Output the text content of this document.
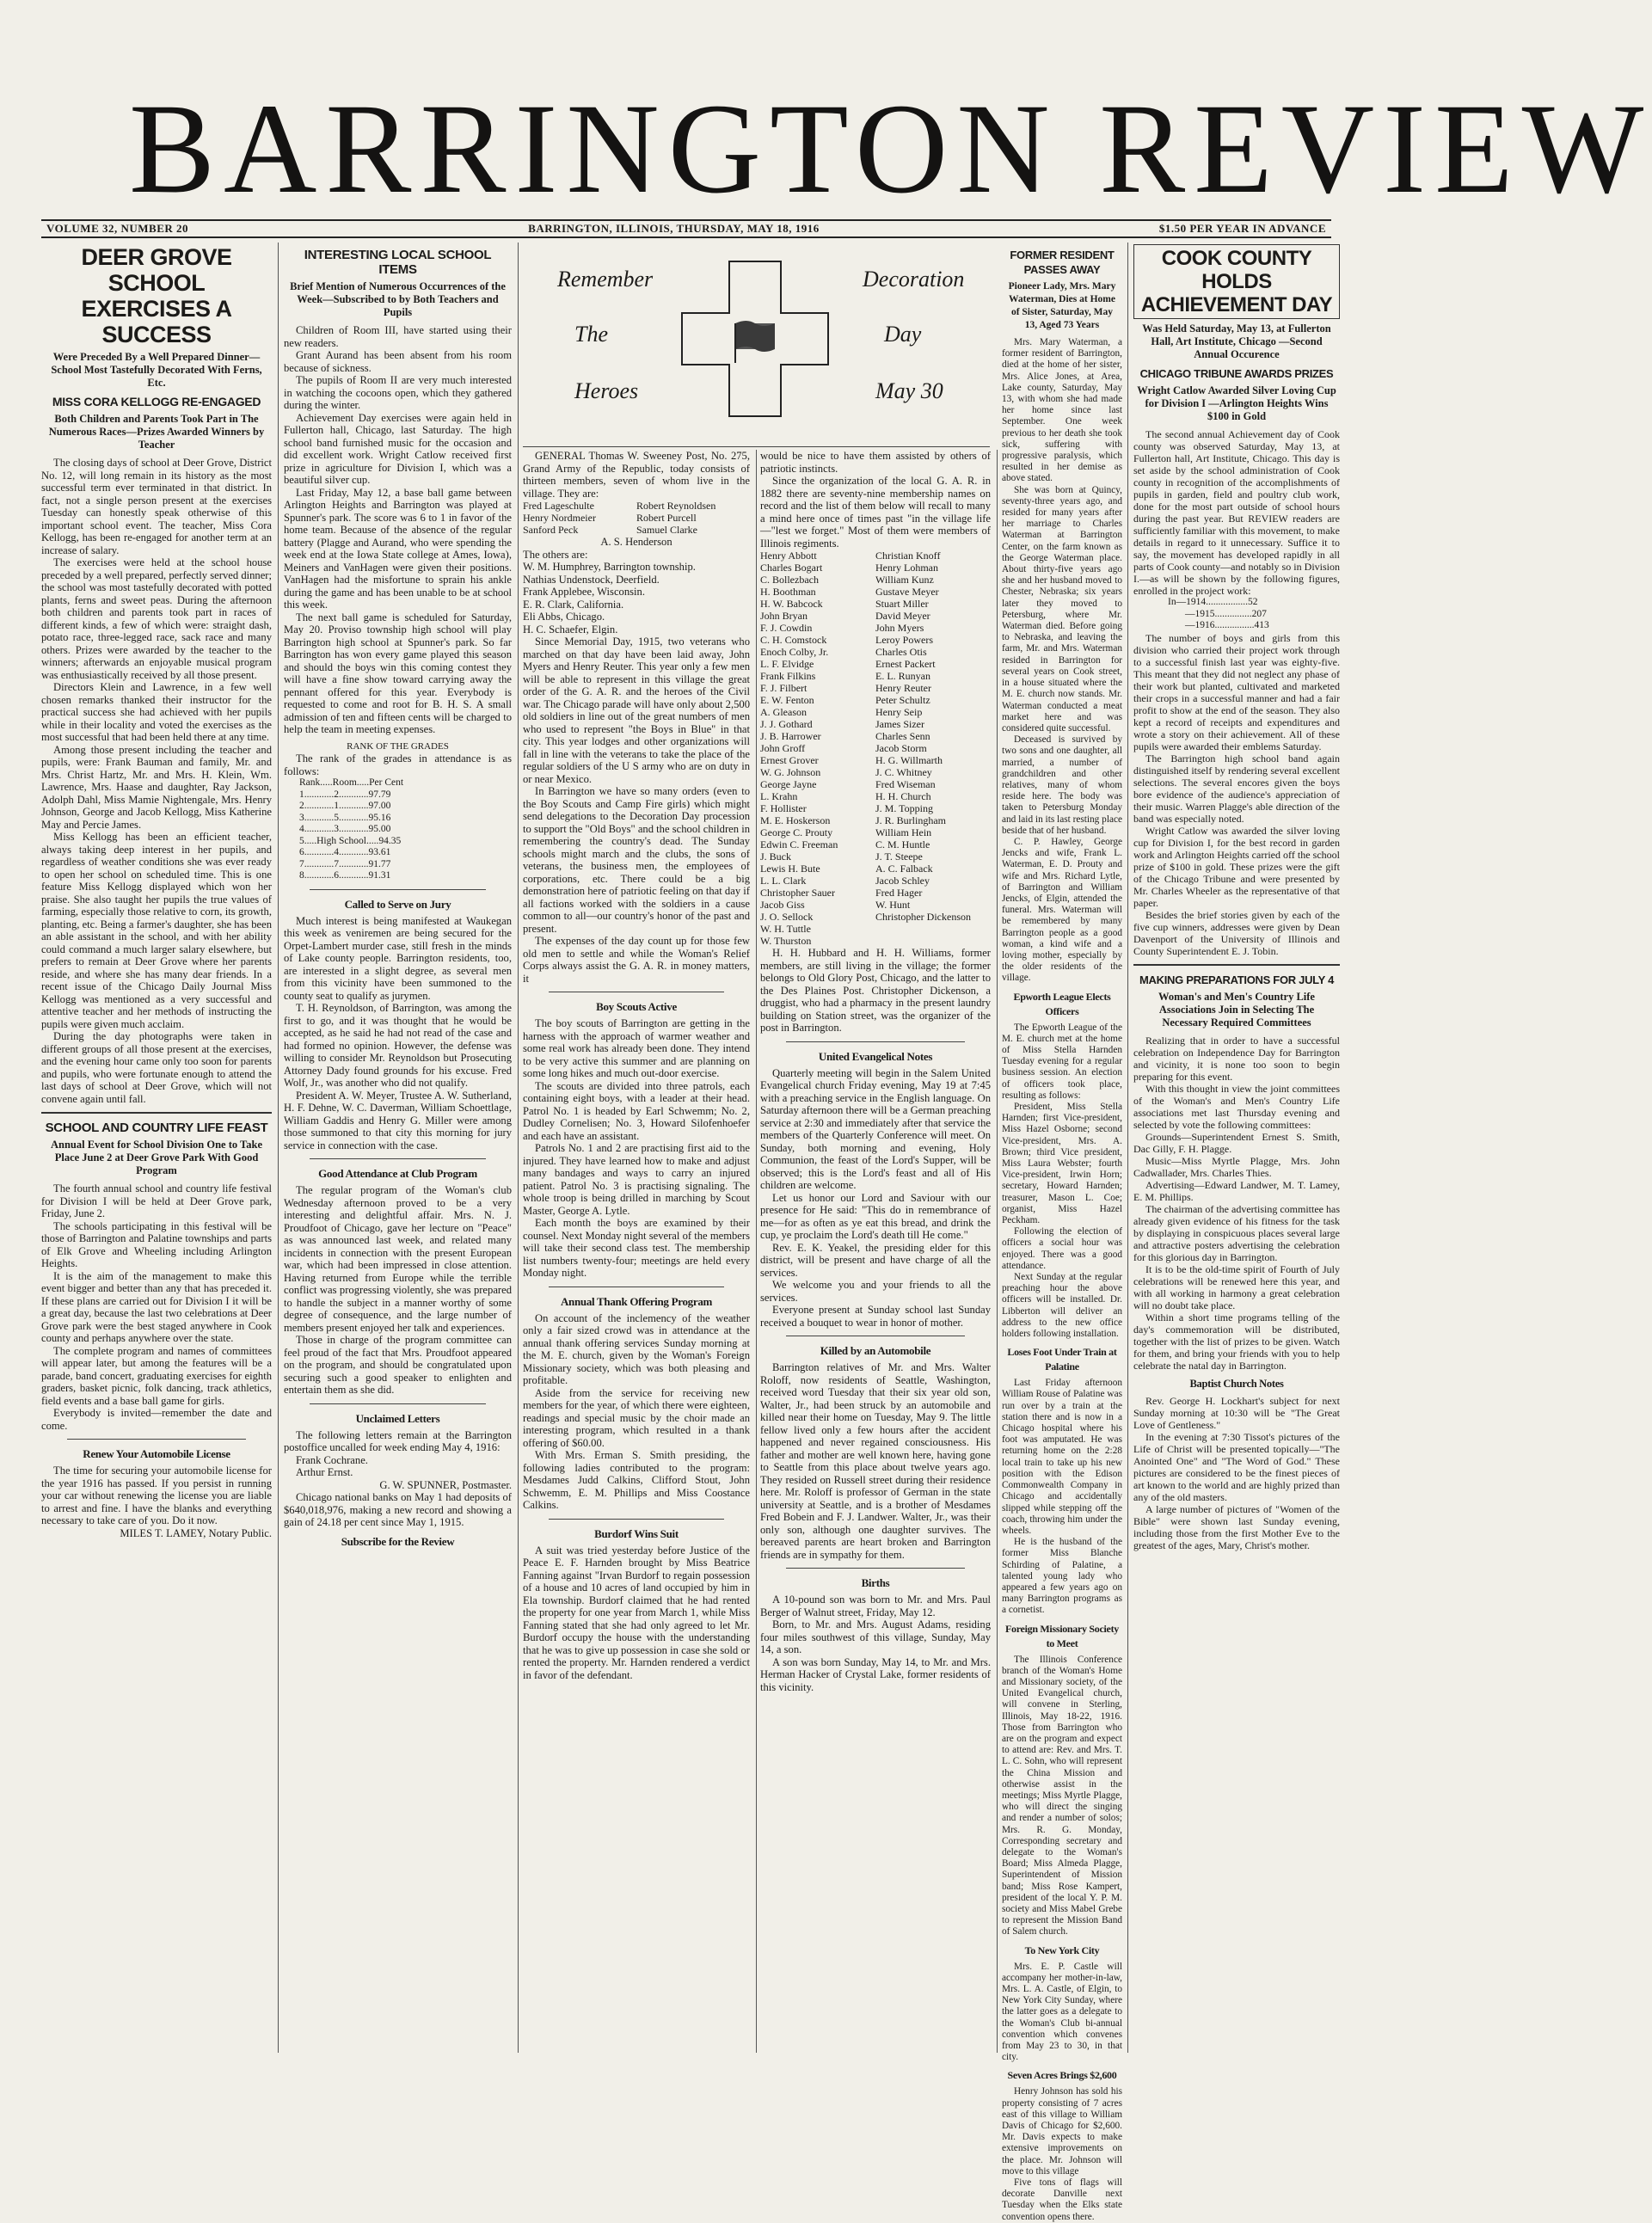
BARRINGTON REVIEW
VOLUME 32, NUMBER 20	BARRINGTON, ILLINOIS, THURSDAY, MAY 18, 1916	$1.50 PER YEAR IN ADVANCE
DEER GROVE SCHOOL EXERCISES A SUCCESS
Were Preceded By a Well Prepared Dinner—School Most Tastefully Decorated With Ferns, Etc.
MISS CORA KELLOGG RE-ENGAGED
Both Children and Parents Took Part in The Numerous Races—Prizes Awarded Winners by Teacher

The closing days of school at Deer Grove, District No. 12, will long remain in its history as the most successful term ever terminated in that district. In fact, not a single person present at the exercises Tuesday can honestly speak otherwise of this important school event. The teacher, Miss Cora Kellogg, has been re-engaged for another term at an increase of salary.

The exercises were held at the school house preceded by a well prepared, perfectly served dinner; the school was most tastefully decorated with potted plants, ferns and sweet peas. During the afternoon both children and parents took part in races of different kinds, a few of which were: straight dash, potato race, three-legged race, sack race and many others. Prizes were awarded by the teacher to the winners; afterwards an enjoyable musical program was enthusiastically received by all those present.

Directors Klein and Lawrence, in a few well chosen remarks thanked their instructor for the practical success she had achieved with her pupils while in their locality and voted the exercises as the most successful that had been held there at any time.

Among those present including the teacher and pupils, were: Frank Bauman and family, Mr. and Mrs. Christ Hartz, Mr. and Mrs. H. Klein, Wm. Lawrence, Mrs. Haase and daughter, Ray Jackson, Adolph Dahl, Miss Mamie Nightengale, Mrs. Henry Johnson, George and Jacob Kellogg, Miss Katherine May and Percie James.

Miss Kellogg has been an efficient teacher, always taking deep interest in her pupils, and regardless of weather conditions she was ever ready to open her school on scheduled time. This is one feature Miss Kellogg displayed which won her praise. She also taught her pupils the true values of farming, especially those relative to corn, its growth, planting, etc. Being a farmer's daughter, she has been an able assistant in the school, and with her ability could command a much larger salary elsewhere, but prefers to remain at Deer Grove where her parents reside, and where she has many dear friends. In a recent issue of the Chicago Daily Journal Miss Kellogg was mentioned as a very successful and attentive teacher and her methods of instructing the pupils were given much acclaim.

During the day photographs were taken in different groups of all those present at the exercises, and the evening hour came only too soon for parents and pupils, who were fortunate enough to attend the last days of school at Deer Grove, which will not convene again until fall.

SCHOOL AND COUNTRY LIFE FEAST
Annual Event for School Division One to Take Place June 2 at Deer Grove Park With Good Program

The fourth annual school and country life festival for Division I will be held at Deer Grove park, Friday, June 2.

The schools participating in this festival will be those of Barrington and Palatine townships and parts of Elk Grove and Wheeling including Arlington Heights.

It is the aim of the management to make this event bigger and better than any that has preceded it. If these plans are carried out for Division I it will be a great day, because the last two celebrations at Deer Grove park were the best staged anywhere in Cook county and perhaps anywhere over the state.

The complete program and names of committees will appear later, but among the features will be a parade, band concert, graduating exercises for eighth graders, basket picnic, folk dancing, track athletics, field events and a base ball game for girls.

Everybody is invited—remember the date and come.

Renew Your Automobile License

The time for securing your automobile license for the year 1916 has passed. If you persist in running your car without renewing the license you are liable to arrest and fine. I have the blanks and everything necessary to take care of you. Do it now.

MILES T. LAMEY, Notary Public.

INTERESTING LOCAL SCHOOL ITEMS
Brief Mention of Numerous Occurrences of the Week—Subscribed to by Both Teachers and Pupils

Children of Room III, have started using their new readers.

Grant Aurand has been absent from his room because of sickness.

The pupils of Room II are very much interested in watching the cocoons open, which they gathered during the winter.

Achievement Day exercises were again held in Fullerton hall, Chicago, last Saturday. The high school band furnished music for the occasion and did excellent work. Wright Catlow received first prize in agriculture for Division I, which was a beautiful silver cup.

Last Friday, May 12, a base ball game between Arlington Heights and Barrington was played at Spunner's park. The score was 6 to 1 in favor of the home team. Because of the absence of the regular battery (Plagge and Aurand, who were spending the week end at the Iowa State college at Ames, Iowa), Meiners and VanHagen were given their positions. VanHagen had the misfortune to sprain his ankle during the game and has been unable to be at school this week.

The next ball game is scheduled for Saturday, May 20. Proviso township high school will play Barrington high school at Spunner's park. So far Barrington has won every game played this season and should the boys win this coming contest they will have a fine show toward carrying away the pennant offered for this year. Everybody is requested to come and root for B. H. S. A small admission of ten and fifteen cents will be charged to help the team in meeting expenses.

RANK OF THE GRADES

The rank of the grades in attendance is as follows:

Rank.....Room.....Per Cent
1............2............97.79
2............1............97.00
3............5............95.16
4............3............95.00
5.....High School.....94.35
6............4............93.61
7............7............91.77
8............6............91.31
Called to Serve on Jury

Much interest is being manifested at Waukegan this week as veniremen are being secured for the Orpet-Lambert murder case, still fresh in the minds of Lake county people. Barrington residents, too, are interested in a slight degree, as several men from this vicinity have been summoned to the county seat to qualify as jurymen.

T. H. Reynoldson, of Barrington, was among the first to go, and it was thought that he would be accepted, as he said he had not read of the case and had formed no opinion. However, the defense was willing to consider Mr. Reynoldson but Prosecuting Attorney Dady found grounds for his excuse. Fred Wolf, Jr., was another who did not qualify.

President A. W. Meyer, Trustee A. W. Sutherland, H. F. Dehne, W. C. Daverman, William Schoettlage, William Gaddis and Henry G. Miller were among those summoned to that city this morning for jury service in connection with the case.

Good Attendance at Club Program

The regular program of the Woman's club Wednesday afternoon proved to be a very interesting and delightful affair. Mrs. N. J. Proudfoot of Chicago, gave her lecture on "Peace" as was announced last week, and related many incidents in connection with the present European war, which had been impressed in close attention. Having returned from Europe while the terrible conflict was progressing violently, she was prepared to handle the subject in a manner worthy of some degree of consequence, and the large number of members present enjoyed her talk and experiences.

Those in charge of the program committee can feel proud of the fact that Mrs. Proudfoot appeared on the program, and should be congratulated upon securing such a good speaker to enlighten and entertain them as she did.

Unclaimed Letters

The following letters remain at the Barrington postoffice uncalled for week ending May 4, 1916:

Frank Cochrane.

Arthur Ernst.

G. W. SPUNNER, Postmaster.

Chicago national banks on May 1 had deposits of $640,018,976, making a new record and showing a gain of 24.18 per cent since May 1, 1915.

Subscribe for the Review
Remember
The
Heroes
Decoration
Day
May 30

GENERAL Thomas W. Sweeney Post, No. 275, Grand Army of the Republic, today consists of thirteen members, seven of whom live in the village. They are:

Fred Lageschulte	Robert Reynoldsen
Henry Nordmeier	Robert Purcell
Sanford Peck	Samuel Clarke
A. S. Henderson
The others are:
W. M. Humphrey, Barrington township.
Nathias Undenstock, Deerfield.
Frank Applebee, Wisconsin.
E. R. Clark, California.
Eli Abbs, Chicago.
H. C. Schaefer, Elgin.

Since Memorial Day, 1915, two veterans who marched on that day have been laid away, John Myers and Henry Reuter. This year only a few men will be able to represent in this village the great order of the G. A. R. and the heroes of the Civil war. The Chicago parade will have only about 2,500 old soldiers in line out of the great numbers of men who used to represent "the Boys in Blue" in that city. This year lodges and other organizations will fall in line with the veterans to take the place of the regular soldiers of the U S army who are on duty in or near Mexico.

In Barrington we have so many orders (even to the Boy Scouts and Camp Fire girls) which might send delegations to the Decoration Day procession to support the "Old Boys" and the school children in remembering the country's dead. The Sunday schools might march and the clubs, the sons of veterans, the business men, the employees of corporations, etc. There could be a big demonstration here of patriotic feeling on that day if all factions worked with the soldiers in a cause common to all—our country's honor of the past and present.

The expenses of the day count up for those few old men to settle and while the Woman's Relief Corps always assist the G. A. R. in money matters, it

Boy Scouts Active

The boy scouts of Barrington are getting in the harness with the approach of warmer weather and some real work has already been done. They intend to be very active this summer and are planning on some long hikes and much out-door exercise.

The scouts are divided into three patrols, each containing eight boys, with a leader at their head. Patrol No. 1 is headed by Earl Schwemm; No. 2, Dudley Cornelisen; No. 3, Howard Silofenhoefer and each have an assistant.

Patrols No. 1 and 2 are practising first aid to the injured. They have learned how to make and adjust many bandages and ways to carry an injured patient. Patrol No. 3 is practising signaling. The whole troop is being drilled in marching by Scout Master, George A. Lytle.

Each month the boys are examined by their counsel. Next Monday night several of the members will take their second class test. The membership list numbers twenty-four; meetings are held every Monday night.

Annual Thank Offering Program

On account of the inclemency of the weather only a fair sized crowd was in attendance at the annual thank offering services Sunday morning at the M. E. church, given by the Woman's Foreign Missionary society, which was both pleasing and profitable.

Aside from the service for receiving new members for the year, of which there were eighteen, readings and special music by the choir made an interesting program, which resulted in a thank offering of $60.00.

With Mrs. Erman S. Smith presiding, the following ladies contributed to the program: Mesdames Judd Calkins, Clifford Stout, John Schwemm, E. M. Phillips and Miss Coostance Calkins.

Burdorf Wins Suit

A suit was tried yesterday before Justice of the Peace E. F. Harnden brought by Miss Beatrice Fanning against "Irvan Burdorf to regain possession of a house and 10 acres of land occupied by him in Ela township. Burdorf claimed that he had rented the property for one year from March 1, while Miss Fanning stated that she had only agreed to let Mr. Burdorf occupy the house with the understanding that he was to give up possession in case she sold or rented the property. Mr. Harnden rendered a verdict in favor of the defendant.

would be nice to have them assisted by others of patriotic instincts.

Since the organization of the local G. A. R. in 1882 there are seventy-nine membership names on record and the list of them below will recall to many a mind here once of times past "in the village life—"lest we forget." Most of them were members of Illinois regiments.

Henry Abbott	Christian Knoff
Charles Bogart	Henry Lohman
C. Bollezbach	William Kunz
H. Boothman	Gustave Meyer
H. W. Babcock	Stuart Miller
John Bryan	David Meyer
F. J. Cowdin	John Myers
C. H. Comstock	Leroy Powers
Enoch Colby, Jr.	Charles Otis
L. F. Elvidge	Ernest Packert
Frank Filkins	E. L. Runyan
F. J. Filbert	Henry Reuter
E. W. Fenton	Peter Schultz
A. Gleason	Henry Seip
J. J. Gothard	James Sizer
J. B. Harrower	Charles Senn
John Groff	Jacob Storm
Ernest Grover	H. G. Willmarth
W. G. Johnson	J. C. Whitney
George Jayne	Fred Wiseman
L. Krahn	H. H. Church
F. Hollister	J. M. Topping
M. E. Hoskerson	J. R. Burlingham
George C. Prouty	William Hein
Edwin C. Freeman	C. M. Huntle
J. Buck	J. T. Steepe
Lewis H. Bute	A. C. Falback
L. L. Clark	Jacob Schley
Christopher Sauer	Fred Hager
Jacob Giss	W. Hunt
J. O. Sellock	Christopher Dickenson
W. H. Tuttle
W. Thurston

H. H. Hubbard and H. H. Williams, former members, are still living in the village; the former belongs to Old Glory Post, Chicago, and the latter to the Des Plaines Post. Christopher Dickenson, a druggist, who had a pharmacy in the present laundry building on Station street, was the organizer of the post in Barrington.

United Evangelical Notes

Quarterly meeting will begin in the Salem United Evangelical church Friday evening, May 19 at 7:45 with a preaching service in the English language. On Saturday afternoon there will be a German preaching service at 2:30 and immediately after that service the members of the Quarterly Conference will meet. On Sunday, both morning and evening, Holy Communion, the feast of the Lord's Supper, will be observed; this is the Lord's feast and all of His children are welcome.

Let us honor our Lord and Saviour with our presence for He said: "This do in remembrance of me—for as often as ye eat this bread, and drink the cup, ye proclaim the Lord's death till He come."

Rev. E. K. Yeakel, the presiding elder for this district, will be present and have charge of all the services.

We welcome you and your friends to all the services.

Everyone present at Sunday school last Sunday received a bouquet to wear in honor of mother.

Killed by an Automobile

Barrington relatives of Mr. and Mrs. Walter Roloff, now residents of Seattle, Washington, received word Tuesday that their six year old son, Walter, Jr., had been struck by an automobile and killed near their home on Tuesday, May 9. The little fellow lived only a few hours after the accident happened and never regained consciousness. His father and mother are well known here, having gone to Seattle from this place about twelve years ago. They resided on Russell street during their residence here. Mr. Roloff is professor of German in the state university at Seattle, and is a brother of Mesdames Fred Bobein and F. J. Landwer. Walter, Jr., was their only son, although one daughter survives. The bereaved parents are heart broken and Barrington friends are in sympathy for them.

Births

A 10-pound son was born to Mr. and Mrs. Paul Berger of Walnut street, Friday, May 12.

Born, to Mr. and Mrs. August Adams, residing four miles southwest of this village, Sunday, May 14, a son.

A son was born Sunday, May 14, to Mr. and Mrs. Herman Hacker of Crystal Lake, former residents of this vicinity.

FORMER RESIDENT PASSES AWAY
Pioneer Lady, Mrs. Mary Waterman, Dies at Home of Sister, Saturday, May 13, Aged 73 Years

Mrs. Mary Waterman, a former resident of Barrington, died at the home of her sister, Mrs. Alice Jones, at Area, Lake county, Saturday, May 13, with whom she had made her home since last September. One week previous to her death she took sick, suffering with progressive paralysis, which resulted in her demise as above stated.

She was born at Quincy, seventy-three years ago, and resided for many years after her marriage to Charles Waterman at Barrington Center, on the farm known as the George Waterman place. About thirty-five years ago she and her husband moved to Chester, Nebraska; six years later they moved to Petersburg, where Mr. Waterman died. Before going to Nebraska, and leaving the farm, Mr. and Mrs. Waterman resided in Barrington for several years on Cook street, in a house situated where the M. E. church now stands. Mr. Waterman conducted a meat market here and was considered quite successful.

Deceased is survived by two sons and one daughter, all married, a number of grandchildren and other relatives, many of whom reside here. The body was taken to Petersburg Monday and laid in its last resting place beside that of her husband.

C. P. Hawley, George Jencks and wife, Frank L. Waterman, E. D. Prouty and wife and Mrs. Richard Lytle, of Barrington and William Jencks, of Elgin, attended the funeral. Mrs. Waterman will be remembered by many Barrington people as a good woman, a kind wife and a loving mother, especially by the older residents of the village.

Epworth League Elects Officers

The Epworth League of the M. E. church met at the home of Miss Stella Harnden Tuesday evening for a regular business session. An election of officers took place, resulting as follows:

President, Miss Stella Harnden; first Vice-president, Miss Hazel Osborne; second Vice-president, Mrs. A. Brown; third Vice president, Miss Laura Webster; fourth Vice-president, Irwin Horn; secretary, Howard Harnden; treasurer, Mason L. Coe; organist, Miss Hazel Peckham.

Following the election of officers a social hour was enjoyed. There was a good attendance.

Next Sunday at the regular preaching hour the above officers will be installed. Dr. Libberton will deliver an address to the new office holders following installation.

Loses Foot Under Train at Palatine

Last Friday afternoon William Rouse of Palatine was run over by a train at the station there and is now in a Chicago hospital where his foot was amputated. He was returning home on the 2:28 local train to take up his new position with the Edison Commonwealth Company in Chicago and accidentally slipped while stepping off the coach, throwing him under the wheels.

He is the husband of the former Miss Blanche Schirding of Palatine, a talented young lady who appeared a few years ago on many Barrington programs as a cornetist.

Foreign Missionary Society to Meet

The Illinois Conference branch of the Woman's Home and Missionary society, of the United Evangelical church, will convene in Sterling, Illinois, May 18-22, 1916. Those from Barrington who are on the program and expect to attend are: Rev. and Mrs. T. L. C. Sohn, who will represent the China Mission and otherwise assist in the meetings; Miss Myrtle Plagge, who will direct the singing and render a number of solos; Mrs. R. G. Monday, Corresponding secretary and delegate to the Woman's Board; Miss Almeda Plagge, Superintendent of Mission band; Miss Rose Kampert, president of the local Y. P. M. society and Miss Mabel Grebe to represent the Mission Band of Salem church.

To New York City

Mrs. E. P. Castle will accompany her mother-in-law, Mrs. L. A. Castle, of Elgin, to New York City Sunday, where the latter goes as a delegate to the Woman's Club bi-annual convention which convenes from May 23 to 30, in that city.

Seven Acres Brings $2,600

Henry Johnson has sold his property consisting of 7 acres east of this village to William Davis of Chicago for $2,600. Mr. Davis expects to make extensive improvements on the place. Mr. Johnson will move to this village

Five tons of flags will decorate Danville next Tuesday when the Elks state convention opens there.

COOK COUNTY HOLDS ACHIEVEMENT DAY
Was Held Saturday, May 13, at Fullerton Hall, Art Institute, Chicago —Second Annual Occurence
CHICAGO TRIBUNE AWARDS PRIZES
Wright Catlow Awarded Silver Loving Cup for Division I —Arlington Heights Wins $100 in Gold

The second annual Achievement day of Cook county was observed Saturday, May 13, at Fullerton hall, Art Institute, Chicago. This day is set aside by the school administration of Cook county in recognition of the accomplishments of pupils in garden, field and poultry club work, done for the most part outside of school hours during the past year. But REVIEW readers are sufficiently familiar with this movement, to make details in regard to it unnecessary. Suffice it to say, the movement has developed rapidly in all parts of Cook county—and notably so in Division I.—as will be shown by the following figures, enrolled in the project work:

In—1914.................52
—1915...............207
—1916................413

The number of boys and girls from this division who carried their project work through to a successful finish last year was eighty-five. This meant that they did not neglect any phase of their work but planted, cultivated and marketed their crops in a successful manner and had a fair profit to show at the end of the season. They also kept a record of receipts and expenditures and wrote a story on their achievement. All of these pupils were awarded their emblems Saturday.

The Barrington high school band again distinguished itself by rendering several excellent selections. The several encores given the boys bore evidence of the audience's appreciation of their music. Warren Plagge's able direction of the band was especially noted.

Wright Catlow was awarded the silver loving cup for Division I, for the best record in garden work and Arlington Heights carried off the school prize of $100 in gold. These prizes were the gift of the Chicago Tribune and were presented by Mr. Charles Wheeler as the representative of that paper.

Besides the brief stories given by each of the five cup winners, addresses were given by Dean Davenport of the University of Illinois and County Superintendent E. J. Tobin.

MAKING PREPARATIONS FOR JULY 4
Woman's and Men's Country Life Associations Join in Selecting The Necessary Required Committees

Realizing that in order to have a successful celebration on Independence Day for Barrington and vicinity, it is none too soon to begin preparing for this event.

With this thought in view the joint committees of the Woman's and Men's Country Life associations met last Thursday evening and selected by vote the following committees:

Grounds—Superintendent Ernest S. Smith, Dac Gilly, F. H. Plagge.

Music—Miss Myrtle Plagge, Mrs. John Cadwallader, Mrs. Charles Thies.

Advertising—Edward Landwer, M. T. Lamey, E. M. Phillips.

The chairman of the advertising committee has already given evidence of his fitness for the task by displaying in conspicuous places several large and attractive posters advertising the celebration for this glorious day in Barrington.

It is to be the old-time spirit of Fourth of July celebrations will be renewed here this year, and with all working in harmony a great celebration will no doubt take place.

Within a short time programs telling of the day's commemoration will be distributed, together with the list of prizes to be given. Watch for them, and bring your friends with you to help celebrate the natal day in Barrington.

Baptist Church Notes

Rev. George H. Lockhart's subject for next Sunday morning at 10:30 will be "The Great Love of Gentleness."

In the evening at 7:30 Tissot's pictures of the Life of Christ will be presented topically—"The Anointed One" and "The Word of God." These pictures are considered to be the finest pieces of art known to the world and are highly prized than any of the old masters.

A large number of pictures of "Women of the Bible" were shown last Sunday evening, including those from the first Mother Eve to the greatest of the ages, Mary, Christ's mother.
